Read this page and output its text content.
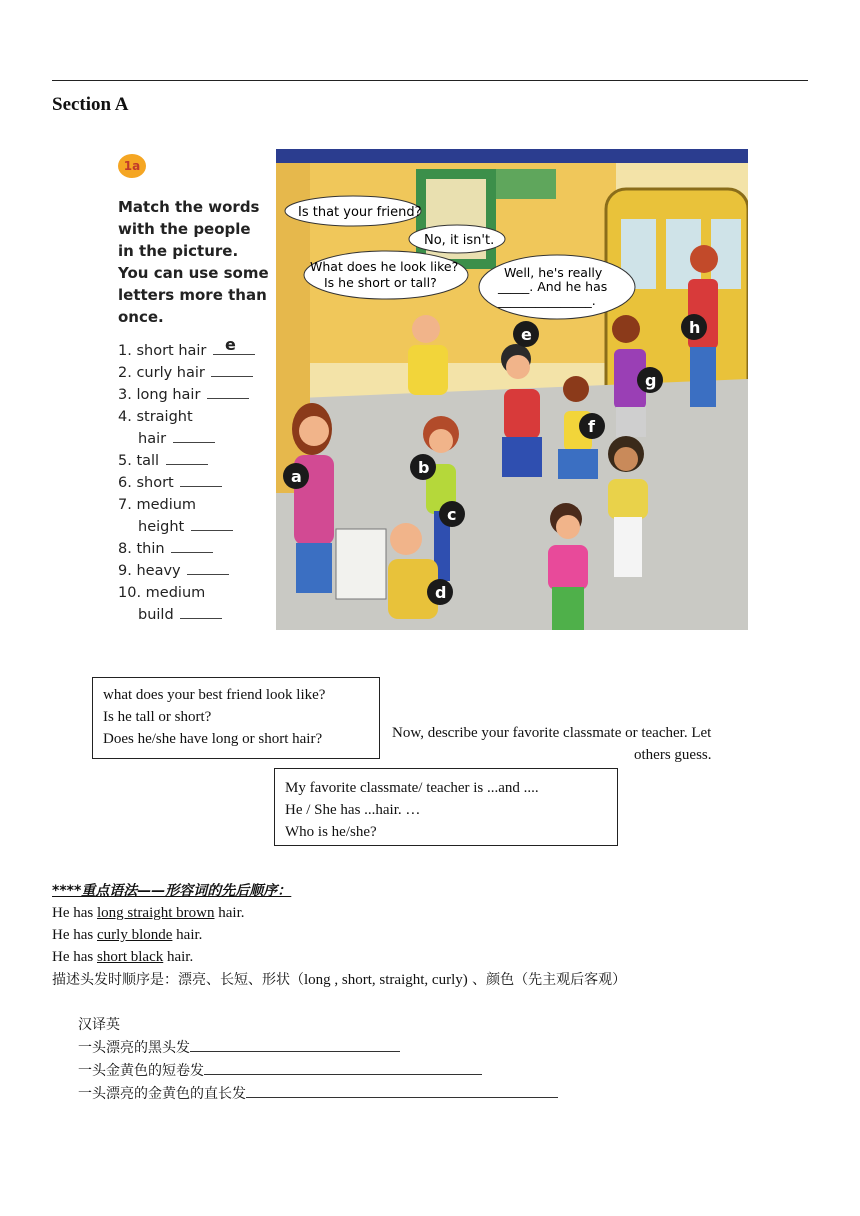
Section A
1a
Match the words with the people in the picture. You can use some letters more than once.
1. short hair e
2. curly hair
3. long hair
4. straight
hair
5. tall
6. short
7. medium
height
8. thin
9. heavy
10. medium
build
Is that your friend?
No, it isn't.
What does he look like?
Is he short or tall?
Well, he's really
_____. And he has
_______________.
a	b
c
d
e
f
g
h
what does your best friend look like?
Is he tall or short?
Does he/she have long or short hair?	Now, describe your favorite classmate or teacher. Let
others guess.
My favorite classmate/ teacher is ...and ....
He / She has ...hair. …
Who is he/she?
****重点语法——形容词的先后顺序：
He has long straight brown hair.
He has curly blonde hair.
He has short black hair.
描述头发时顺序是：漂亮、长短、形状（long , short, straight, curly) 、颜色（先主观后客观）
汉译英
一头漂亮的黑头发
一头金黄色的短卷发
一头漂亮的金黄色的直长发
